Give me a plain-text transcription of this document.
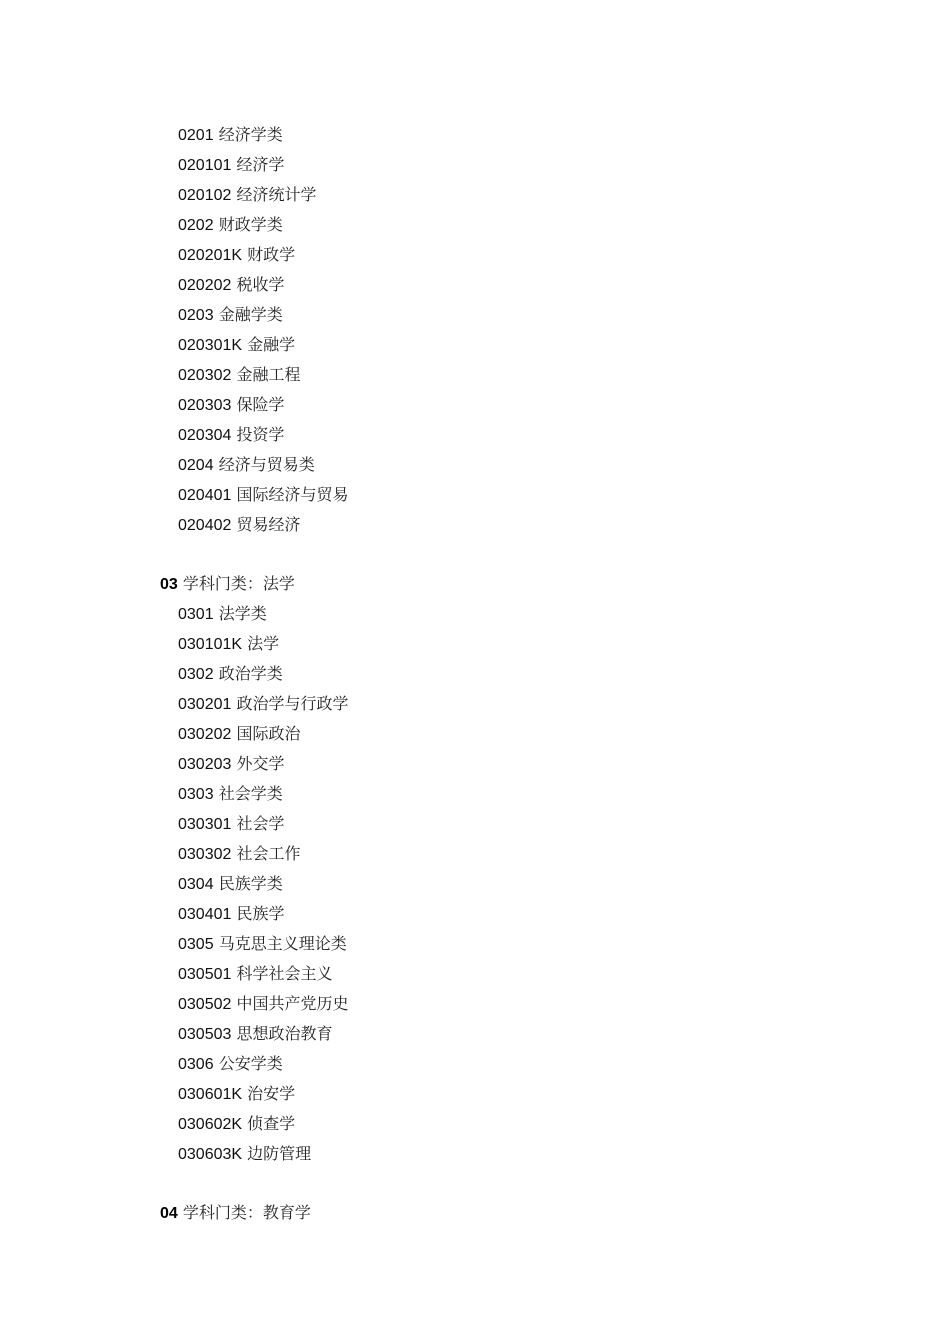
0201 经济学类
020101 经济学
020102 经济统计学
0202 财政学类
020201K 财政学
020202 税收学
0203 金融学类
020301K 金融学
020302 金融工程
020303 保险学
020304 投资学
0204 经济与贸易类
020401 国际经济与贸易
020402 贸易经济
03 学科门类：法学
0301 法学类
030101K 法学
0302 政治学类
030201 政治学与行政学
030202 国际政治
030203 外交学
0303 社会学类
030301 社会学
030302 社会工作
0304 民族学类
030401 民族学
0305 马克思主义理论类
030501 科学社会主义
030502 中国共产党历史
030503 思想政治教育
0306 公安学类
030601K 治安学
030602K 侦查学
030603K 边防管理
04 学科门类：教育学
